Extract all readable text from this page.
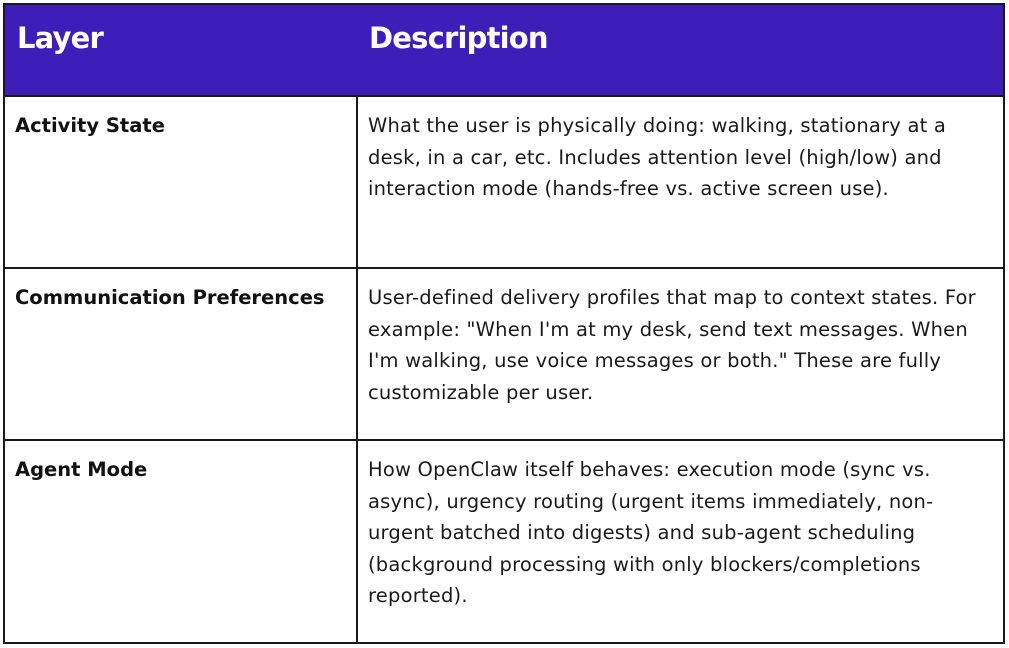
Layer	Description
Activity State	What the user is physically doing: walking, stationary at a desk, in a car, etc. Includes attention level (high/low) and interaction mode (hands-free vs. active screen use).
Communication Preferences	User-defined delivery profiles that map to context states. For example: "When I'm at my desk, send text messages. When I'm walking, use voice messages or both." These are fully customizable per user.
Agent Mode	How OpenClaw itself behaves: execution mode (sync vs. async), urgency routing (urgent items immediately, non-urgent batched into digests) and sub-agent scheduling (background processing with only blockers/completions reported).
